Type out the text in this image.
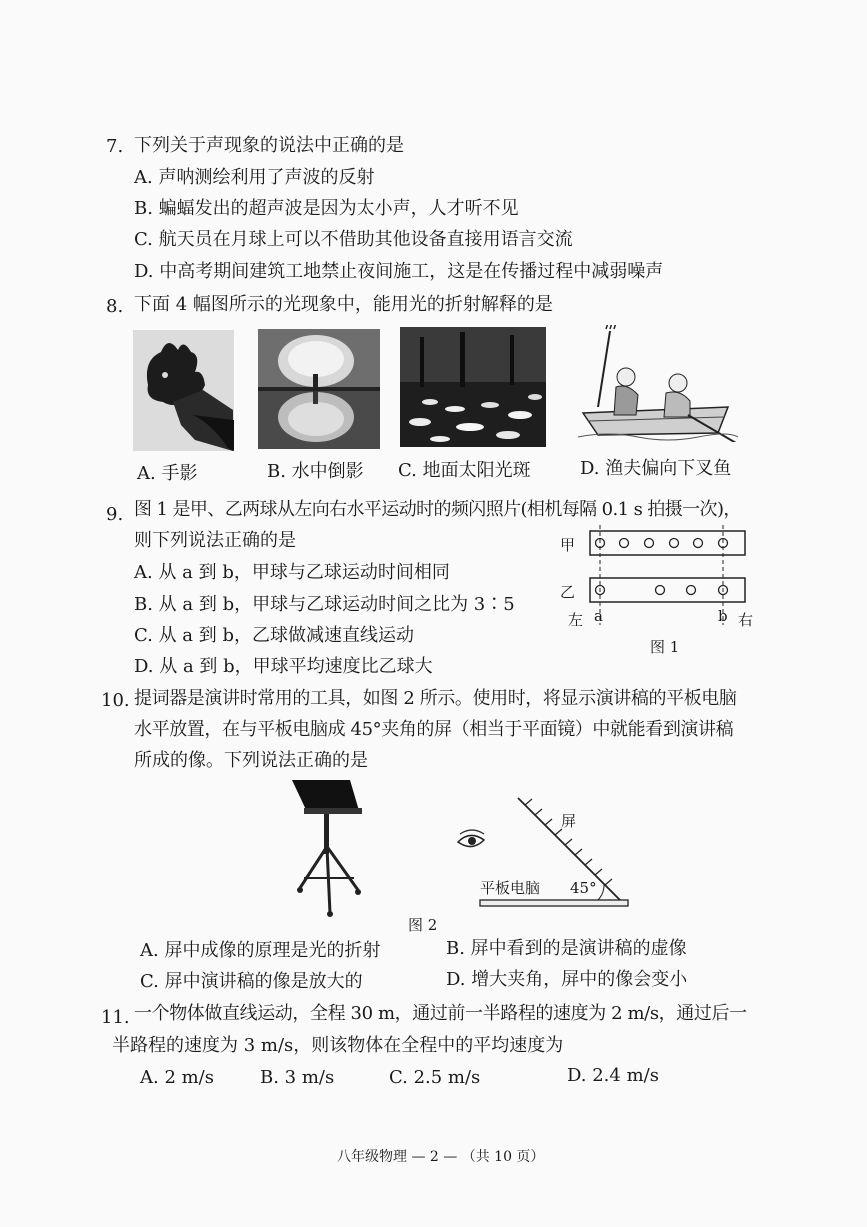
7. 下列关于声现象的说法中正确的是
A. 声呐测绘利用了声波的反射
B. 蝙蝠发出的超声波是因为太小声，人才听不见
C. 航天员在月球上可以不借助其他设备直接用语言交流
D. 中高考期间建筑工地禁止夜间施工，这是在传播过程中减弱噪声
8. 下面 4 幅图所示的光现象中，能用光的折射解释的是
A. 手影	B. 水中倒影 C. 地面太阳光斑	D. 渔夫偏向下叉鱼
9. 图 1 是甲、乙两球从左向右水平运动时的频闪照片(相机每隔 0.1 s 拍摄一次)，
则下列说法正确的是
A. 从 a 到 b，甲球与乙球运动时间相同
B. 从 a 到 b，甲球与乙球运动时间之比为 3∶5
C. 从 a 到 b，乙球做减速直线运动
D. 从 a 到 b，甲球平均速度比乙球大
甲
乙
左 a	b 右
图 1
10. 提词器是演讲时常用的工具，如图 2 所示。使用时，将显示演讲稿的平板电脑
水平放置，在与平板电脑成 45°夹角的屏（相当于平面镜）中就能看到演讲稿
所成的像。下列说法正确的是
屏
平板电脑 45°
图 2
A. 屏中成像的原理是光的折射	B. 屏中看到的是演讲稿的虚像
C. 屏中演讲稿的像是放大的	D. 增大夹角，屏中的像会变小
11. 一个物体做直线运动，全程 30 m，通过前一半路程的速度为 2 m/s，通过后一
半路程的速度为 3 m/s，则该物体在全程中的平均速度为
A. 2 m/s	B. 3 m/s	C. 2.5 m/s	D. 2.4 m/s
八年级物理 — 2 — （共 10 页）
